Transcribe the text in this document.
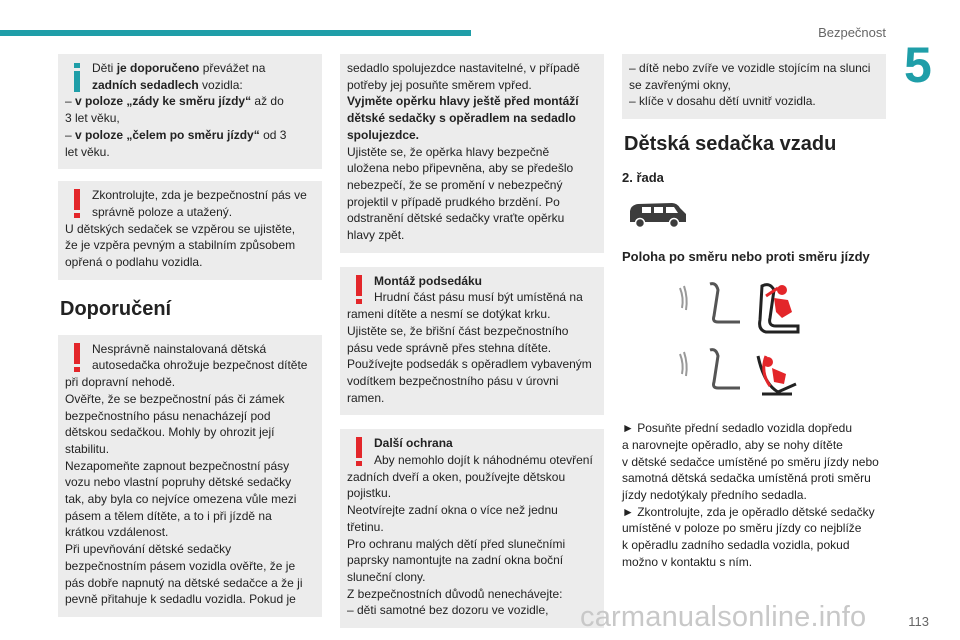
Bezpečnost
5

Děti je doporučeno převážet na

zadních sedadlech vozidla:

– v poloze „zády ke směru jízdy“ až do

3 let věku,

– v poloze „čelem po směru jízdy“ od 3

let věku.

Zkontrolujte, zda je bezpečnostní pás ve

správně poloze a utažený.

U dětských sedaček se vzpěrou se ujistěte,

že je vzpěra pevným a stabilním způsobem

opřená o podlahu vozidla.

Doporučení

Nesprávně nainstalovaná dětská

autosedačka ohrožuje bezpečnost dítěte

při dopravní nehodě.

Ověřte, že se bezpečnostní pás či zámek

bezpečnostního pásu nenacházejí pod

dětskou sedačkou. Mohly by ohrozit její

stabilitu.

Nezapomeňte zapnout bezpečnostní pásy

vozu nebo vlastní popruhy dětské sedačky

tak, aby byla co nejvíce omezena vůle mezi

pásem a tělem dítěte, a to i při jízdě na

krátkou vzdálenost.

Při upevňování dětské sedačky

bezpečnostním pásem vozidla ověřte, že je

pás dobře napnutý na dětské sedačce a že ji

pevně přitahuje k sedadlu vozidla. Pokud je

sedadlo spolujezdce nastavitelné, v případě

potřeby jej posuňte směrem vpřed.

Vyjměte opěrku hlavy ještě před montáží

dětské sedačky s opěradlem na sedadlo

spolujezdce.

Ujistěte se, že opěrka hlavy bezpečně

uložena nebo připevněna, aby se předešlo

nebezpečí, že se promění v nebezpečný

projektil v případě prudkého brzdění. Po

odstranění dětské sedačky vraťte opěrku

hlavy zpět.

Montáž podsedáku

Hrudní část pásu musí být umístěná na

rameni dítěte a nesmí se dotýkat krku.

Ujistěte se, že břišní část bezpečnostního

pásu vede správně přes stehna dítěte.

Používejte podsedák s opěradlem vybaveným

vodítkem bezpečnostního pásu v úrovni

ramen.

Další ochrana

Aby nemohlo dojít k náhodnému otevření

zadních dveří a oken, používejte dětskou

pojistku.

Neotvírejte zadní okna o více než jednu

třetinu.

Pro ochranu malých dětí před slunečními

paprsky namontujte na zadní okna boční

sluneční clony.

Z bezpečnostních důvodů nenechávejte:

– děti samotné bez dozoru ve vozidle,

– dítě nebo zvíře ve vozidle stojícím na slunci

se zavřenými okny,

– klíče v dosahu dětí uvnitř vozidla.

Dětská sedačka vzadu
2. řada
Poloha po směru nebo proti směru jízdy

► Posuňte přední sedadlo vozidla dopředu

a narovnejte opěradlo, aby se nohy dítěte

v dětské sedačce umístěné po směru jízdy nebo

samotná dětská sedačka umístěná proti směru

jízdy nedotýkaly předního sedadla.

► Zkontrolujte, zda je opěradlo dětské sedačky

umístěné v poloze po směru jízdy co nejblíže

k opěradlu zadního sedadla vozidla, pokud

možno v kontaktu s ním.

carmanualsonline.info	113
